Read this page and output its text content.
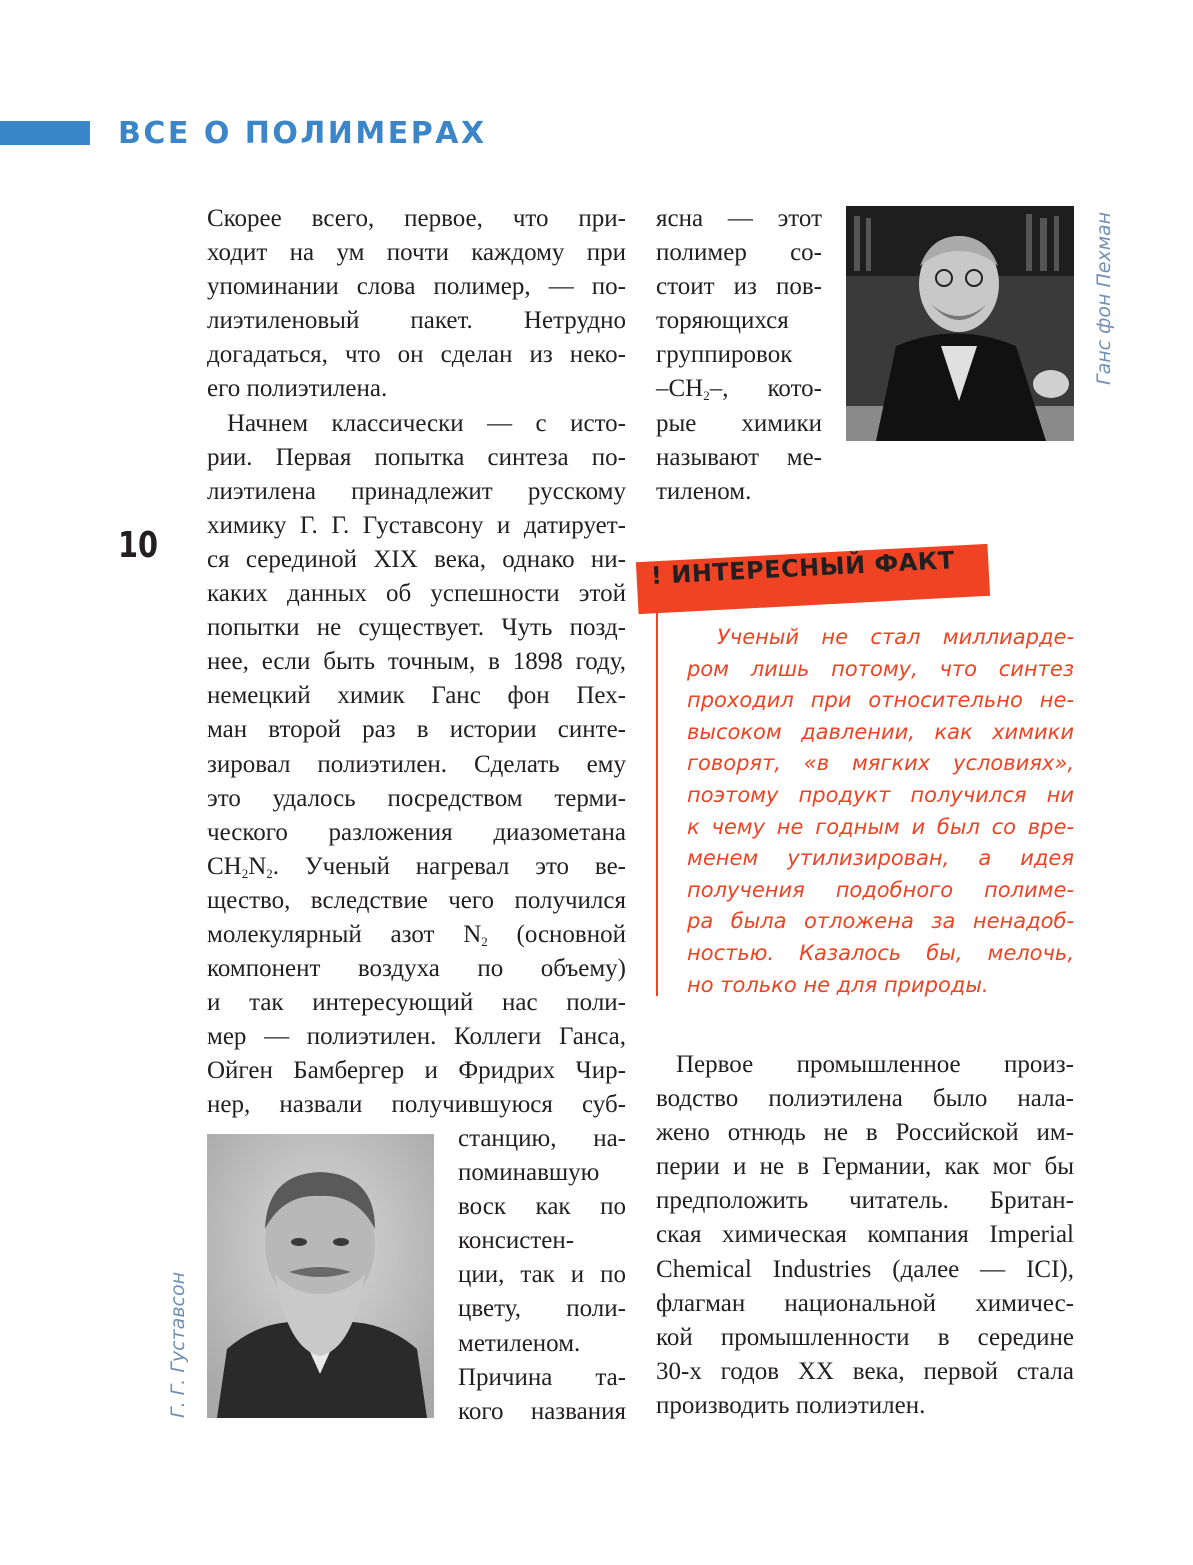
ВСЕ О ПОЛИМЕРАХ
10

Скорее всего, первое, что при-
ходит на ум почти каждому при
упоминании слова полимер, — по-
лиэтиленовый пакет. Нетрудно
догадаться, что он сделан из неко-
его полиэтилена.

Начнем классически — с исто-
рии. Первая попытка синтеза по-
лиэтилена принадлежит русскому
химику Г. Г. Густавсону и датирует-
ся серединой XIX века, однако ни-
каких данных об успешности этой
попытки не существует. Чуть позд-
нее, если быть точным, в 1898 году,
немецкий химик Ганс фон Пех-
ман второй раз в истории синте-
зировал полиэтилен. Сделать ему
это удалось посредством терми-
ческого разложения диазометана
$CH_2N_2$. Ученый нагревал это ве-
щество, вследствие чего получился
молекулярный азот $N_2$ (основной
компонент воздуха по объему)
и так интересующий нас поли-
мер — полиэтилен. Коллеги Ганса,
Ойген Бамбергер и Фридрих Чир-
нер, назвали получившуюся суб-

станцию, на-
поминавшую
воск как по
консистен-
ции, так и по
цвету, поли-
метиленом.
Причина та-
кого названия
Г. Г. Густавсон
ясна — этот
полимер со-
стоит из пов-
торяющихся
группировок
$-CH_2-$, кото-
рые химики
называют ме-
тиленом.
Ганс фон Пехман
! ИНТЕРЕСНЫЙ ФАКТ
Ученый не стал миллиарде-
ром лишь потому, что синтез
проходил при относительно не-
высоком давлении, как химики
говорят, «в мягких условиях»,
поэтому продукт получился ни
к чему не годным и был со вре-
менем утилизирован, а идея
получения подобного полиме-
ра была отложена за ненадоб-
ностью. Казалось бы, мелочь,
но только не для природы.
Первое промышленное произ-
водство полиэтилена было нала-
жено отнюдь не в Российской им-
перии и не в Германии, как мог бы
предположить читатель. Британ-
ская химическая компания Imperial
Chemical Industries (далее — ICI),
флагман национальной химичес-
кой промышленности в середине
30-х годов XX века, первой стала
производить полиэтилен.
